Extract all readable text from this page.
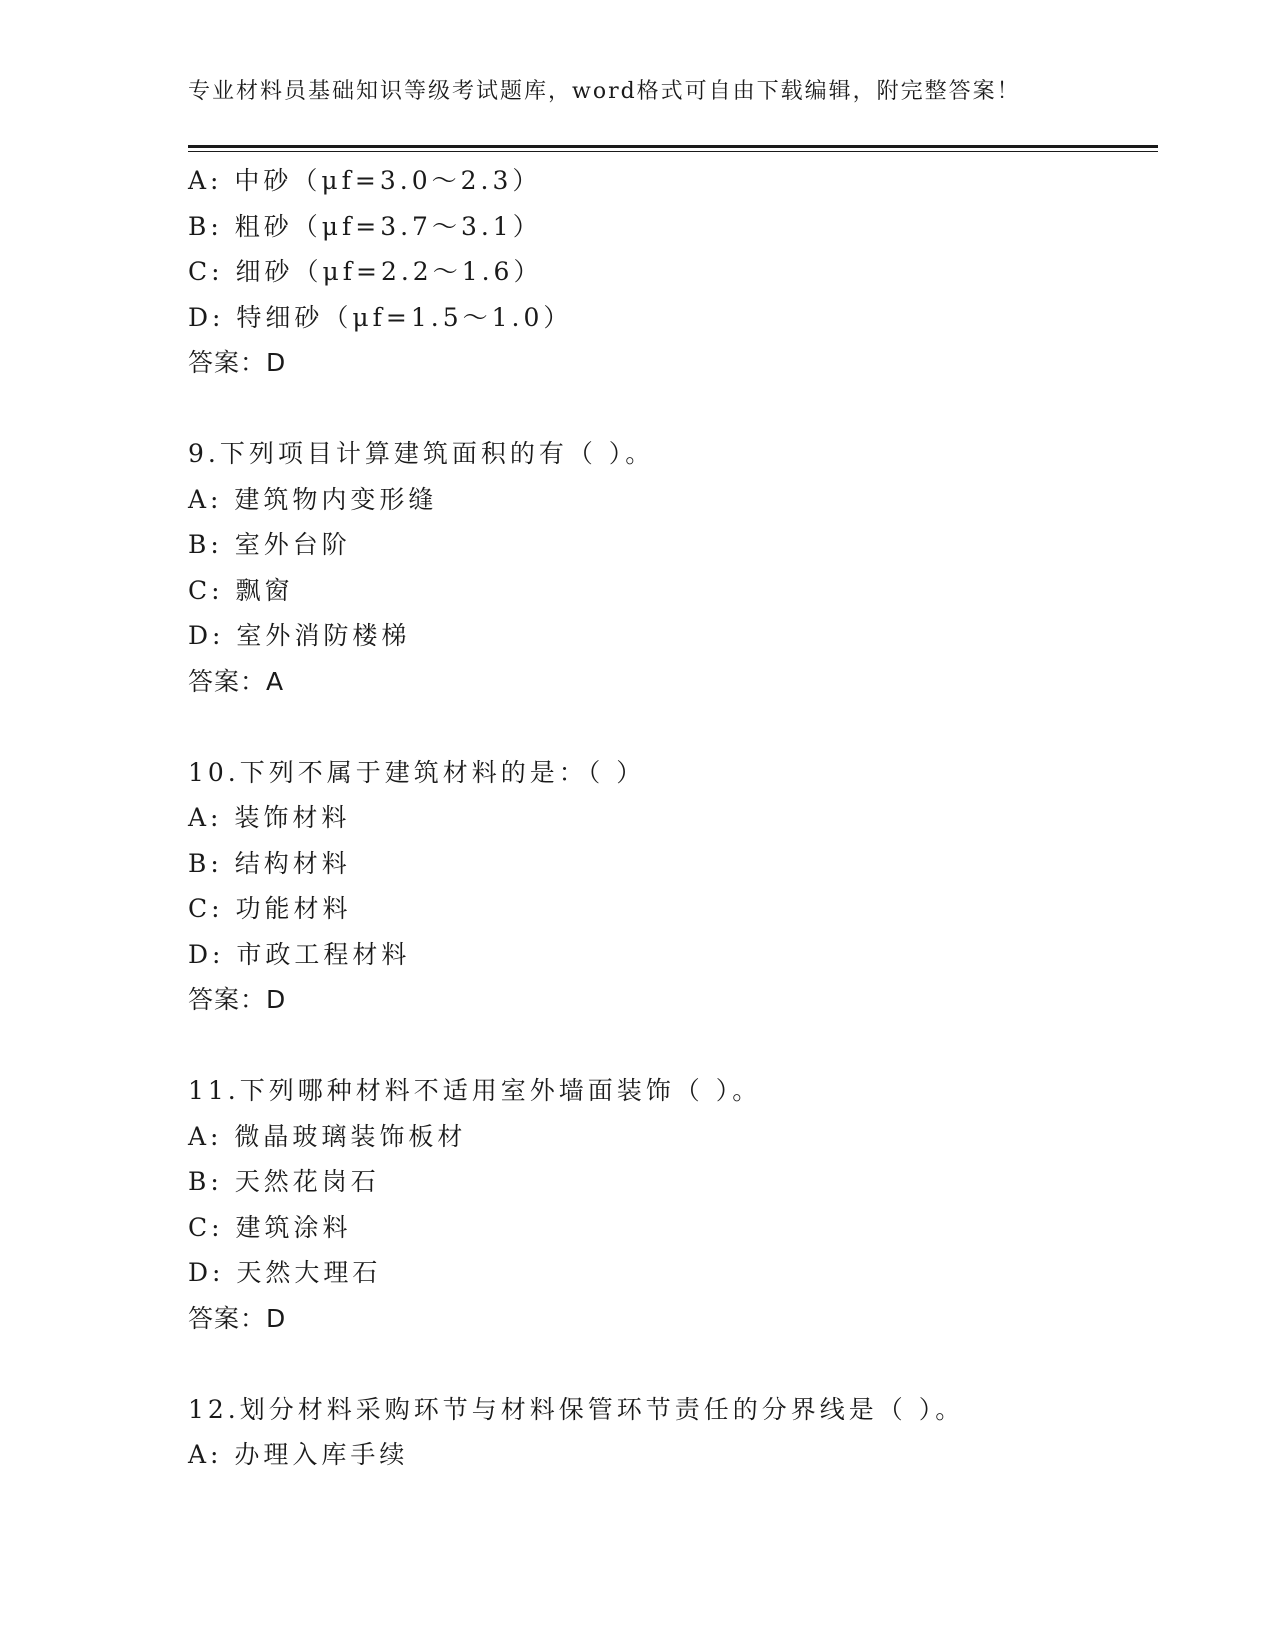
专业材料员基础知识等级考试题库，word格式可自由下载编辑，附完整答案！
A: 中砂（μf=3.0～2.3）
B: 粗砂（μf=3.7～3.1）
C: 细砂（μf=2.2～1.6）
D: 特细砂（μf=1.5～1.0）
答案：D
9.下列项目计算建筑面积的有（ ）。
A: 建筑物内变形缝
B: 室外台阶
C: 飘窗
D: 室外消防楼梯
答案：A
10.下列不属于建筑材料的是：（ ）
A: 装饰材料
B: 结构材料
C: 功能材料
D: 市政工程材料
答案：D
11.下列哪种材料不适用室外墙面装饰（ ）。
A: 微晶玻璃装饰板材
B: 天然花岗石
C: 建筑涂料
D: 天然大理石
答案：D
12.划分材料采购环节与材料保管环节责任的分界线是（ ）。
A: 办理入库手续
